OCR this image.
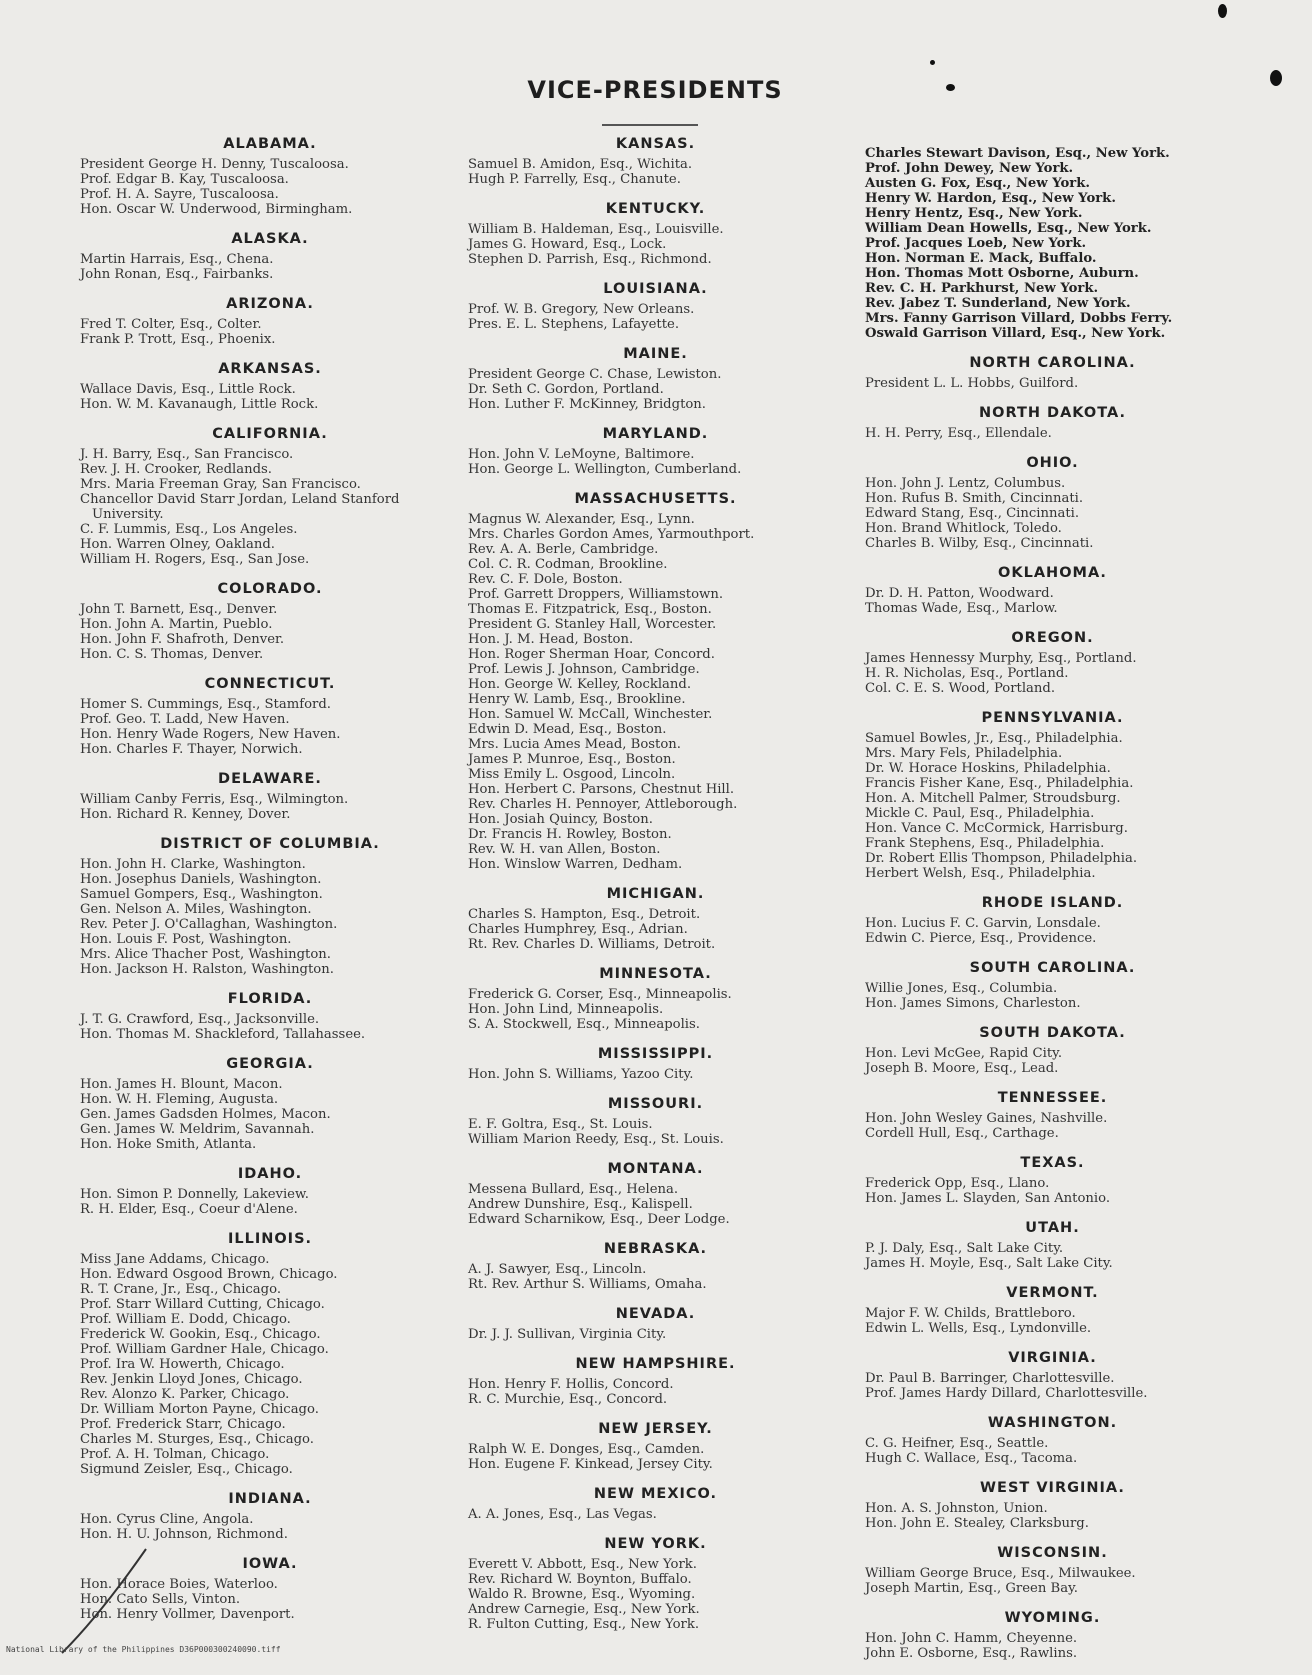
VICE-PRESIDENTS
ALABAMA.
President George H. Denny, Tuscaloosa.
Prof. Edgar B. Kay, Tuscaloosa.
Prof. H. A. Sayre, Tuscaloosa.
Hon. Oscar W. Underwood, Birmingham.
ALASKA.
Martin Harrais, Esq., Chena.
John Ronan, Esq., Fairbanks.
ARIZONA.
Fred T. Colter, Esq., Colter.
Frank P. Trott, Esq., Phoenix.
ARKANSAS.
Wallace Davis, Esq., Little Rock.
Hon. W. M. Kavanaugh, Little Rock.
CALIFORNIA.
J. H. Barry, Esq., San Francisco.
Rev. J. H. Crooker, Redlands.
Mrs. Maria Freeman Gray, San Francisco.
Chancellor David Starr Jordan, Leland Stanford University.
C. F. Lummis, Esq., Los Angeles.
Hon. Warren Olney, Oakland.
William H. Rogers, Esq., San Jose.
COLORADO.
John T. Barnett, Esq., Denver.
Hon. John A. Martin, Pueblo.
Hon. John F. Shafroth, Denver.
Hon. C. S. Thomas, Denver.
CONNECTICUT.
Homer S. Cummings, Esq., Stamford.
Prof. Geo. T. Ladd, New Haven.
Hon. Henry Wade Rogers, New Haven.
Hon. Charles F. Thayer, Norwich.
DELAWARE.
William Canby Ferris, Esq., Wilmington.
Hon. Richard R. Kenney, Dover.
DISTRICT OF COLUMBIA.
Hon. John H. Clarke, Washington.
Hon. Josephus Daniels, Washington.
Samuel Gompers, Esq., Washington.
Gen. Nelson A. Miles, Washington.
Rev. Peter J. O'Callaghan, Washington.
Hon. Louis F. Post, Washington.
Mrs. Alice Thacher Post, Washington.
Hon. Jackson H. Ralston, Washington.
FLORIDA.
J. T. G. Crawford, Esq., Jacksonville.
Hon. Thomas M. Shackleford, Tallahassee.
GEORGIA.
Hon. James H. Blount, Macon.
Hon. W. H. Fleming, Augusta.
Gen. James Gadsden Holmes, Macon.
Gen. James W. Meldrim, Savannah.
Hon. Hoke Smith, Atlanta.
IDAHO.
Hon. Simon P. Donnelly, Lakeview.
R. H. Elder, Esq., Coeur d'Alene.
ILLINOIS.
Miss Jane Addams, Chicago.
Hon. Edward Osgood Brown, Chicago.
R. T. Crane, Jr., Esq., Chicago.
Prof. Starr Willard Cutting, Chicago.
Prof. William E. Dodd, Chicago.
Frederick W. Gookin, Esq., Chicago.
Prof. William Gardner Hale, Chicago.
Prof. Ira W. Howerth, Chicago.
Rev. Jenkin Lloyd Jones, Chicago.
Rev. Alonzo K. Parker, Chicago.
Dr. William Morton Payne, Chicago.
Prof. Frederick Starr, Chicago.
Charles M. Sturges, Esq., Chicago.
Prof. A. H. Tolman, Chicago.
Sigmund Zeisler, Esq., Chicago.
INDIANA.
Hon. Cyrus Cline, Angola.
Hon. H. U. Johnson, Richmond.
IOWA.
Hon. Horace Boies, Waterloo.
Hon. Cato Sells, Vinton.
Hon. Henry Vollmer, Davenport.
KANSAS.
Samuel B. Amidon, Esq., Wichita.
Hugh P. Farrelly, Esq., Chanute.
KENTUCKY.
William B. Haldeman, Esq., Louisville.
James G. Howard, Esq., Lock.
Stephen D. Parrish, Esq., Richmond.
LOUISIANA.
Prof. W. B. Gregory, New Orleans.
Pres. E. L. Stephens, Lafayette.
MAINE.
President George C. Chase, Lewiston.
Dr. Seth C. Gordon, Portland.
Hon. Luther F. McKinney, Bridgton.
MARYLAND.
Hon. John V. LeMoyne, Baltimore.
Hon. George L. Wellington, Cumberland.
MASSACHUSETTS.
Magnus W. Alexander, Esq., Lynn.
Mrs. Charles Gordon Ames, Yarmouthport.
Rev. A. A. Berle, Cambridge.
Col. C. R. Codman, Brookline.
Rev. C. F. Dole, Boston.
Prof. Garrett Droppers, Williamstown.
Thomas E. Fitzpatrick, Esq., Boston.
President G. Stanley Hall, Worcester.
Hon. J. M. Head, Boston.
Hon. Roger Sherman Hoar, Concord.
Prof. Lewis J. Johnson, Cambridge.
Hon. George W. Kelley, Rockland.
Henry W. Lamb, Esq., Brookline.
Hon. Samuel W. McCall, Winchester.
Edwin D. Mead, Esq., Boston.
Mrs. Lucia Ames Mead, Boston.
James P. Munroe, Esq., Boston.
Miss Emily L. Osgood, Lincoln.
Hon. Herbert C. Parsons, Chestnut Hill.
Rev. Charles H. Pennoyer, Attleborough.
Hon. Josiah Quincy, Boston.
Dr. Francis H. Rowley, Boston.
Rev. W. H. van Allen, Boston.
Hon. Winslow Warren, Dedham.
MICHIGAN.
Charles S. Hampton, Esq., Detroit.
Charles Humphrey, Esq., Adrian.
Rt. Rev. Charles D. Williams, Detroit.
MINNESOTA.
Frederick G. Corser, Esq., Minneapolis.
Hon. John Lind, Minneapolis.
S. A. Stockwell, Esq., Minneapolis.
MISSISSIPPI.
Hon. John S. Williams, Yazoo City.
MISSOURI.
E. F. Goltra, Esq., St. Louis.
William Marion Reedy, Esq., St. Louis.
MONTANA.
Messena Bullard, Esq., Helena.
Andrew Dunshire, Esq., Kalispell.
Edward Scharnikow, Esq., Deer Lodge.
NEBRASKA.
A. J. Sawyer, Esq., Lincoln.
Rt. Rev. Arthur S. Williams, Omaha.
NEVADA.
Dr. J. J. Sullivan, Virginia City.
NEW HAMPSHIRE.
Hon. Henry F. Hollis, Concord.
R. C. Murchie, Esq., Concord.
NEW JERSEY.
Ralph W. E. Donges, Esq., Camden.
Hon. Eugene F. Kinkead, Jersey City.
NEW MEXICO.
A. A. Jones, Esq., Las Vegas.
NEW YORK.
Everett V. Abbott, Esq., New York.
Rev. Richard W. Boynton, Buffalo.
Waldo R. Browne, Esq., Wyoming.
Andrew Carnegie, Esq., New York.
R. Fulton Cutting, Esq., New York.
Charles Stewart Davison, Esq., New York.
Prof. John Dewey, New York.
Austen G. Fox, Esq., New York.
Henry W. Hardon, Esq., New York.
Henry Hentz, Esq., New York.
William Dean Howells, Esq., New York.
Prof. Jacques Loeb, New York.
Hon. Norman E. Mack, Buffalo.
Hon. Thomas Mott Osborne, Auburn.
Rev. C. H. Parkhurst, New York.
Rev. Jabez T. Sunderland, New York.
Mrs. Fanny Garrison Villard, Dobbs Ferry.
Oswald Garrison Villard, Esq., New York.
NORTH CAROLINA.
President L. L. Hobbs, Guilford.
NORTH DAKOTA.
H. H. Perry, Esq., Ellendale.
OHIO.
Hon. John J. Lentz, Columbus.
Hon. Rufus B. Smith, Cincinnati.
Edward Stang, Esq., Cincinnati.
Hon. Brand Whitlock, Toledo.
Charles B. Wilby, Esq., Cincinnati.
OKLAHOMA.
Dr. D. H. Patton, Woodward.
Thomas Wade, Esq., Marlow.
OREGON.
James Hennessy Murphy, Esq., Portland.
H. R. Nicholas, Esq., Portland.
Col. C. E. S. Wood, Portland.
PENNSYLVANIA.
Samuel Bowles, Jr., Esq., Philadelphia.
Mrs. Mary Fels, Philadelphia.
Dr. W. Horace Hoskins, Philadelphia.
Francis Fisher Kane, Esq., Philadelphia.
Hon. A. Mitchell Palmer, Stroudsburg.
Mickle C. Paul, Esq., Philadelphia.
Hon. Vance C. McCormick, Harrisburg.
Frank Stephens, Esq., Philadelphia.
Dr. Robert Ellis Thompson, Philadelphia.
Herbert Welsh, Esq., Philadelphia.
RHODE ISLAND.
Hon. Lucius F. C. Garvin, Lonsdale.
Edwin C. Pierce, Esq., Providence.
SOUTH CAROLINA.
Willie Jones, Esq., Columbia.
Hon. James Simons, Charleston.
SOUTH DAKOTA.
Hon. Levi McGee, Rapid City.
Joseph B. Moore, Esq., Lead.
TENNESSEE.
Hon. John Wesley Gaines, Nashville.
Cordell Hull, Esq., Carthage.
TEXAS.
Frederick Opp, Esq., Llano.
Hon. James L. Slayden, San Antonio.
UTAH.
P. J. Daly, Esq., Salt Lake City.
James H. Moyle, Esq., Salt Lake City.
VERMONT.
Major F. W. Childs, Brattleboro.
Edwin L. Wells, Esq., Lyndonville.
VIRGINIA.
Dr. Paul B. Barringer, Charlottesville.
Prof. James Hardy Dillard, Charlottesville.
WASHINGTON.
C. G. Heifner, Esq., Seattle.
Hugh C. Wallace, Esq., Tacoma.
WEST VIRGINIA.
Hon. A. S. Johnston, Union.
Hon. John E. Stealey, Clarksburg.
WISCONSIN.
William George Bruce, Esq., Milwaukee.
Joseph Martin, Esq., Green Bay.
WYOMING.
Hon. John C. Hamm, Cheyenne.
John E. Osborne, Esq., Rawlins.
National Library of the Philippines D36P000300240090.tiff
